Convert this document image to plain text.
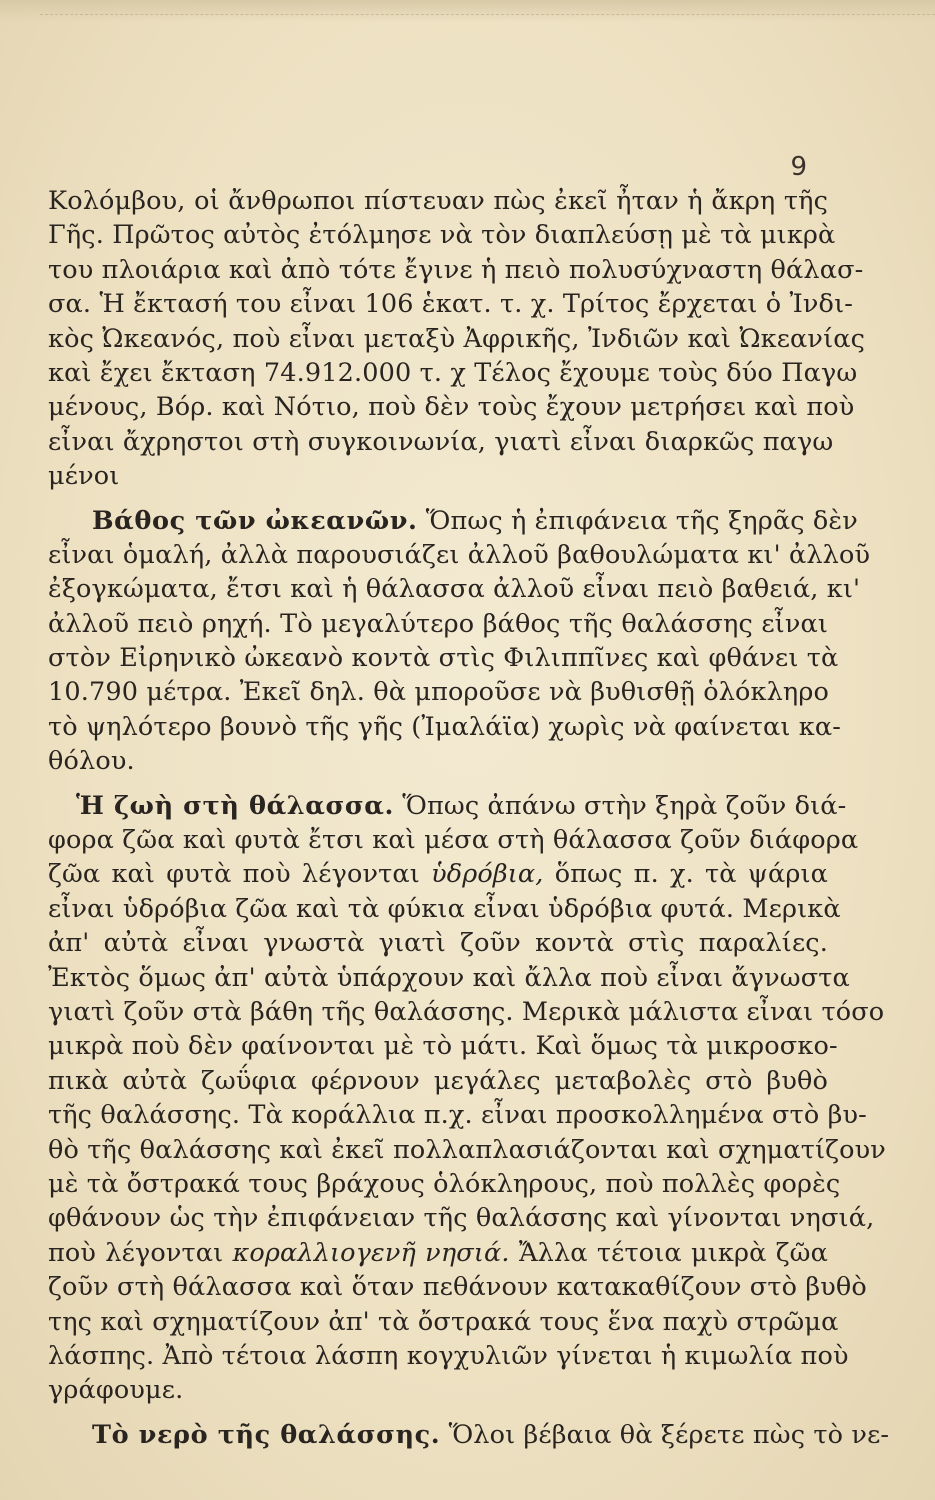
9
Κολόμβου, οἱ ἄνθρωποι πίστευαν πὼς ἐκεῖ ἦταν ἡ ἄκρη τῆς
Γῆς. Πρῶτος αὐτὸς ἐτόλμησε νὰ τὸν διαπλεύσῃ μὲ τὰ μικρὰ
του πλοιάρια καὶ ἀπὸ τότε ἔγινε ἡ πειὸ πολυσύχναστη θάλασ-
σα. Ἡ ἔκτασή του εἶναι 106 ἑκατ. τ. χ. Τρίτος ἔρχεται ὁ Ἰνδι-
κὸς Ὠκεανός, ποὺ εἶναι μεταξὺ Ἀφρικῆς, Ἰνδιῶν καὶ Ὠκεανίας
καὶ ἔχει ἔκταση 74.912.000 τ. χ Τέλος ἔχουμε τοὺς δύο Παγω
μένους, Βόρ. καὶ Νότιο, ποὺ δὲν τοὺς ἔχουν μετρήσει καὶ ποὺ
εἶναι ἄχρηστοι στὴ συγκοινωνία, γιατὶ εἶναι διαρκῶς παγω
μένοι
Βάθος τῶν ὠκεανῶν. Ὅπως ἡ ἐπιφάνεια τῆς ξηρᾶς δὲν
εἶναι ὁμαλή, ἀλλὰ παρουσιάζει ἀλλοῦ βαθουλώματα κι' ἀλλοῦ
ἐξογκώματα, ἔτσι καὶ ἡ θάλασσα ἀλλοῦ εἶναι πειὸ βαθειά, κι'
ἀλλοῦ πειὸ ρηχή. Τὸ μεγαλύτερο βάθος τῆς θαλάσσης εἶναι
στὸν Εἰρηνικὸ ὠκεανὸ κοντὰ στὶς Φιλιππῖνες καὶ φθάνει τὰ
10.790 μέτρα. Ἐκεῖ δηλ. θὰ μποροῦσε νὰ βυθισθῇ ὁλόκληρο
τὸ ψηλότερο βουνὸ τῆς γῆς (Ἰμαλάϊα) χωρὶς νὰ φαίνεται κα-
θόλου.
Ἡ ζωὴ στὴ θάλασσα. Ὅπως ἀπάνω στὴν ξηρὰ ζοῦν διά-
φορα ζῶα καὶ φυτὰ ἔτσι καὶ μέσα στὴ θάλασσα ζοῦν διάφορα
ζῶα καὶ φυτὰ ποὺ λέγονται ὑδρόβια, ὅπως π. χ. τὰ ψάρια
εἶναι ὑδρόβια ζῶα καὶ τὰ φύκια εἶναι ὑδρόβια φυτά. Μερικὰ
ἀπ' αὐτὰ εἶναι γνωστὰ γιατὶ ζοῦν κοντὰ στὶς παραλίες.
Ἐκτὸς ὅμως ἀπ' αὐτὰ ὑπάρχουν καὶ ἄλλα ποὺ εἶναι ἄγνωστα
γιατὶ ζοῦν στὰ βάθη τῆς θαλάσσης. Μερικὰ μάλιστα εἶναι τόσο
μικρὰ ποὺ δὲν φαίνονται μὲ τὸ μάτι. Καὶ ὅμως τὰ μικροσκο-
πικὰ αὐτὰ ζωΰφια φέρνουν μεγάλες μεταβολὲς στὸ βυθὸ
τῆς θαλάσσης. Τὰ κοράλλια π.χ. εἶναι προσκολλημένα στὸ βυ-
θὸ τῆς θαλάσσης καὶ ἐκεῖ πολλαπλασιάζονται καὶ σχηματίζουν
μὲ τὰ ὄστρακά τους βράχους ὁλόκληρους, ποὺ πολλὲς φορὲς
φθάνουν ὡς τὴν ἐπιφάνειαν τῆς θαλάσσης καὶ γίνονται νησιά,
ποὺ λέγονται κοραλλιογενῆ νησιά. Ἄλλα τέτοια μικρὰ ζῶα
ζοῦν στὴ θάλασσα καὶ ὅταν πεθάνουν κατακαθίζουν στὸ βυθὸ
της καὶ σχηματίζουν ἀπ' τὰ ὄστρακά τους ἕνα παχὺ στρῶμα
λάσπης. Ἀπὸ τέτοια λάσπη κογχυλιῶν γίνεται ἡ κιμωλία ποὺ
γράφουμε.
Τὸ νερὸ τῆς θαλάσσης. Ὅλοι βέβαια θὰ ξέρετε πὼς τὸ νε-
